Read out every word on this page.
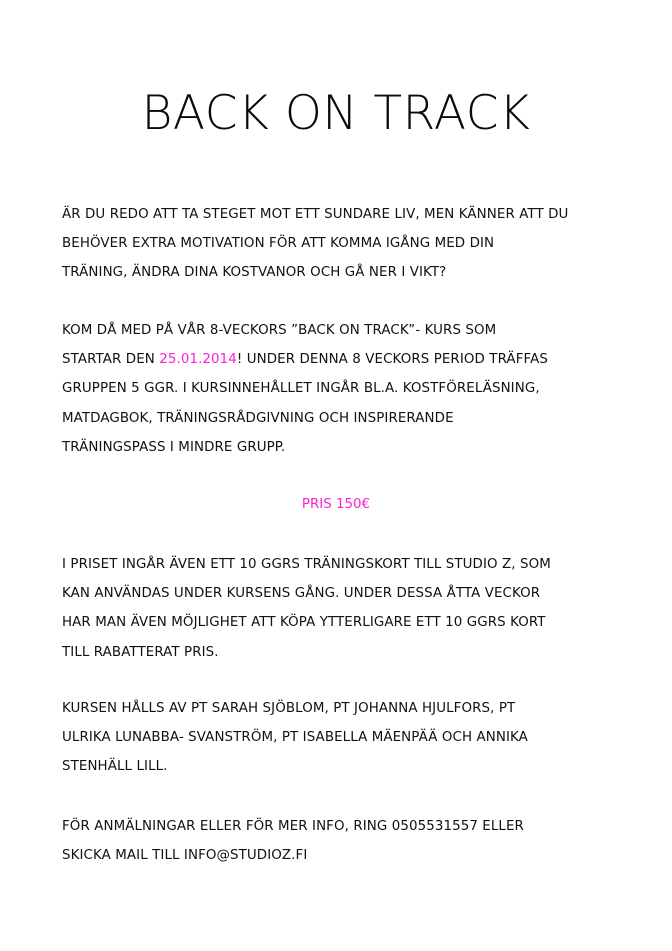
BACK ON TRACK

ÄR DU REDO ATT TA STEGET MOT ETT SUNDARE LIV, MEN KÄNNER ATT DU
BEHÖVER EXTRA MOTIVATION FÖR ATT KOMMA IGÅNG MED DIN
TRÄNING, ÄNDRA DINA KOSTVANOR OCH GÅ NER I VIKT?

KOM DÅ MED PÅ VÅR 8-VECKORS ”BACK ON TRACK”- KURS SOM
STARTAR DEN 25.01.2014! UNDER DENNA 8 VECKORS PERIOD TRÄFFAS
GRUPPEN 5 GGR. I KURSINNEHÅLLET INGÅR BL.A. KOSTFÖRELÄSNING,
MATDAGBOK, TRÄNINGSRÅDGIVNING OCH INSPIRERANDE
TRÄNINGSPASS I MINDRE GRUPP.

PRIS 150€

I PRISET INGÅR ÄVEN ETT 10 GGRS TRÄNINGSKORT TILL STUDIO Z, SOM
KAN ANVÄNDAS UNDER KURSENS GÅNG. UNDER DESSA ÅTTA VECKOR
HAR MAN ÄVEN MÖJLIGHET ATT KÖPA YTTERLIGARE ETT 10 GGRS KORT
TILL RABATTERAT PRIS.

KURSEN HÅLLS AV PT SARAH SJÖBLOM, PT JOHANNA HJULFORS, PT
ULRIKA LUNABBA- SVANSTRÖM, PT ISABELLA MÄENPÄÄ OCH ANNIKA
STENHÄLL LILL.

FÖR ANMÄLNINGAR ELLER FÖR MER INFO, RING 0505531557 ELLER
SKICKA MAIL TILL INFO@STUDIOZ.FI
